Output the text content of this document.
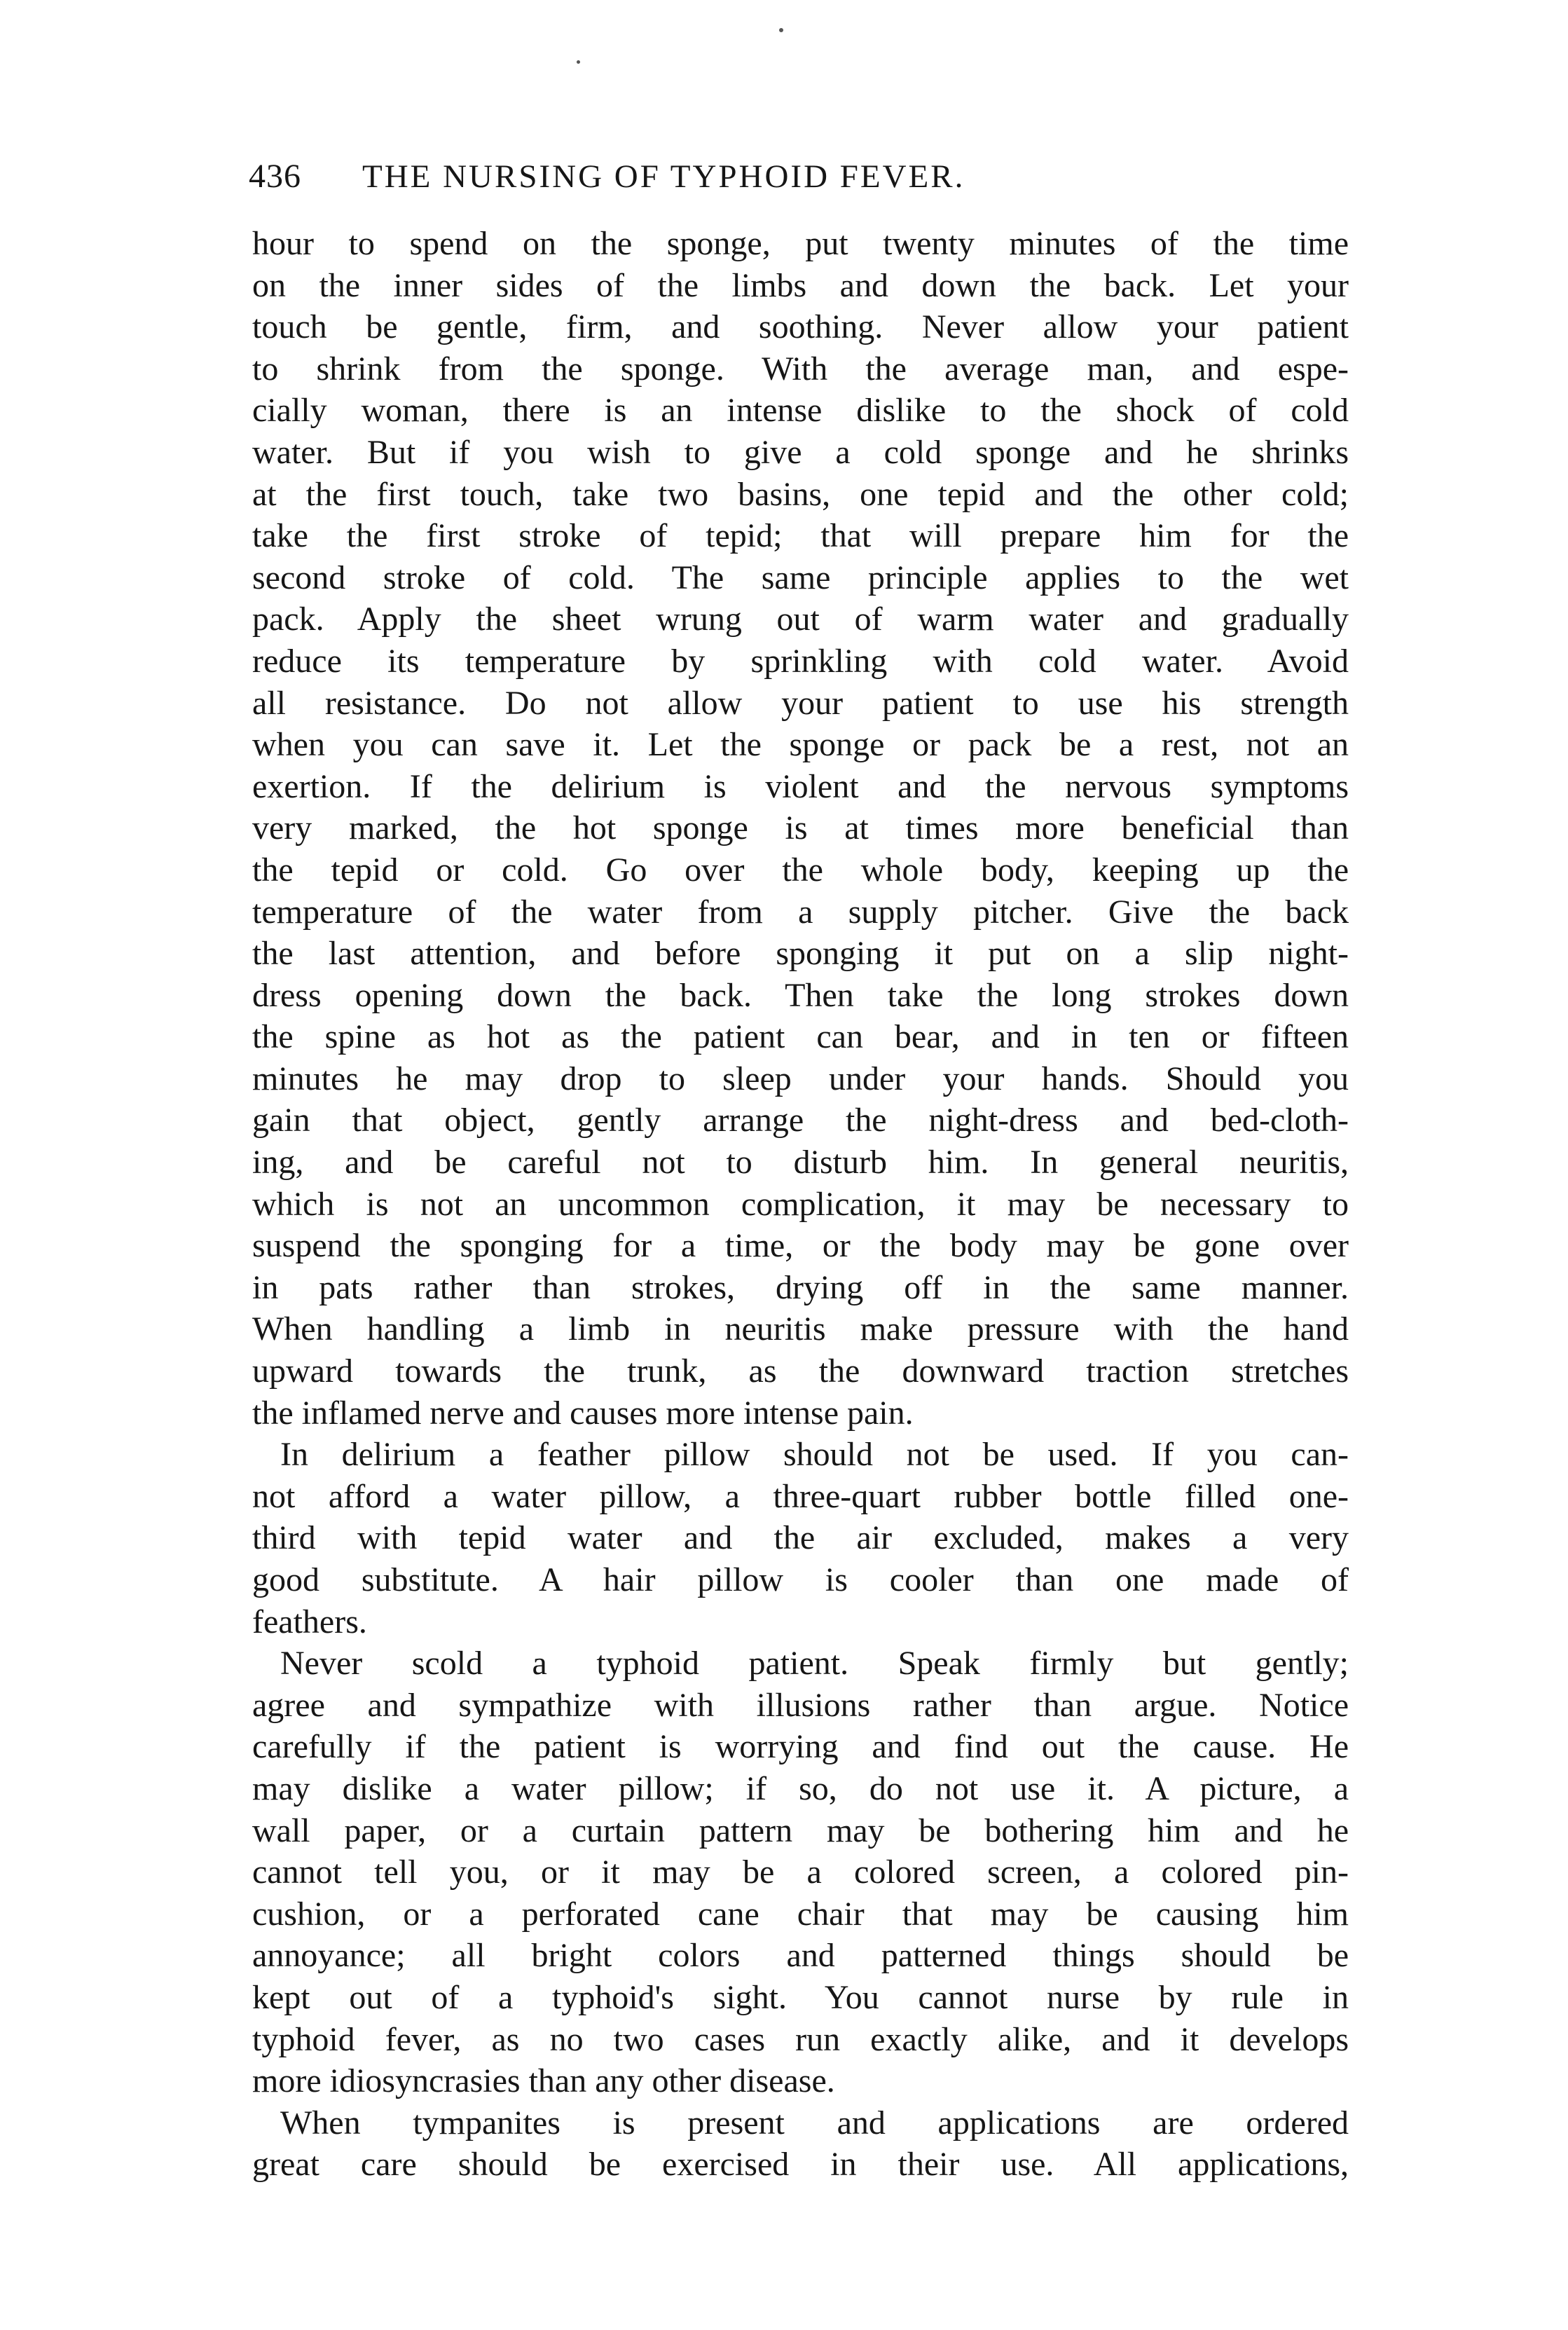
436 THE NURSING OF TYPHOID FEVER.
hour to spend on the sponge, put twenty minutes of the time
on the inner sides of the limbs and down the back. Let your
touch be gentle, firm, and soothing. Never allow your patient
to shrink from the sponge. With the average man, and espe-
cially woman, there is an intense dislike to the shock of cold
water. But if you wish to give a cold sponge and he shrinks
at the first touch, take two basins, one tepid and the other cold;
take the first stroke of tepid; that will prepare him for the
second stroke of cold. The same principle applies to the wet
pack. Apply the sheet wrung out of warm water and gradually
reduce its temperature by sprinkling with cold water. Avoid
all resistance. Do not allow your patient to use his strength
when you can save it. Let the sponge or pack be a rest, not an
exertion. If the delirium is violent and the nervous symptoms
very marked, the hot sponge is at times more beneficial than
the tepid or cold. Go over the whole body, keeping up the
temperature of the water from a supply pitcher. Give the back
the last attention, and before sponging it put on a slip night-
dress opening down the back. Then take the long strokes down
the spine as hot as the patient can bear, and in ten or fifteen
minutes he may drop to sleep under your hands. Should you
gain that object, gently arrange the night-dress and bed-cloth-
ing, and be careful not to disturb him. In general neuritis,
which is not an uncommon complication, it may be necessary to
suspend the sponging for a time, or the body may be gone over
in pats rather than strokes, drying off in the same manner.
When handling a limb in neuritis make pressure with the hand
upward towards the trunk, as the downward traction stretches
the inflamed nerve and causes more intense pain.
In delirium a feather pillow should not be used. If you can-
not afford a water pillow, a three-quart rubber bottle filled one-
third with tepid water and the air excluded, makes a very
good substitute. A hair pillow is cooler than one made of
feathers.
Never scold a typhoid patient. Speak firmly but gently;
agree and sympathize with illusions rather than argue. Notice
carefully if the patient is worrying and find out the cause. He
may dislike a water pillow; if so, do not use it. A picture, a
wall paper, or a curtain pattern may be bothering him and he
cannot tell you, or it may be a colored screen, a colored pin-
cushion, or a perforated cane chair that may be causing him
annoyance; all bright colors and patterned things should be
kept out of a typhoid's sight. You cannot nurse by rule in
typhoid fever, as no two cases run exactly alike, and it develops
more idiosyncrasies than any other disease.
When tympanites is present and applications are ordered
great care should be exercised in their use. All applications,
